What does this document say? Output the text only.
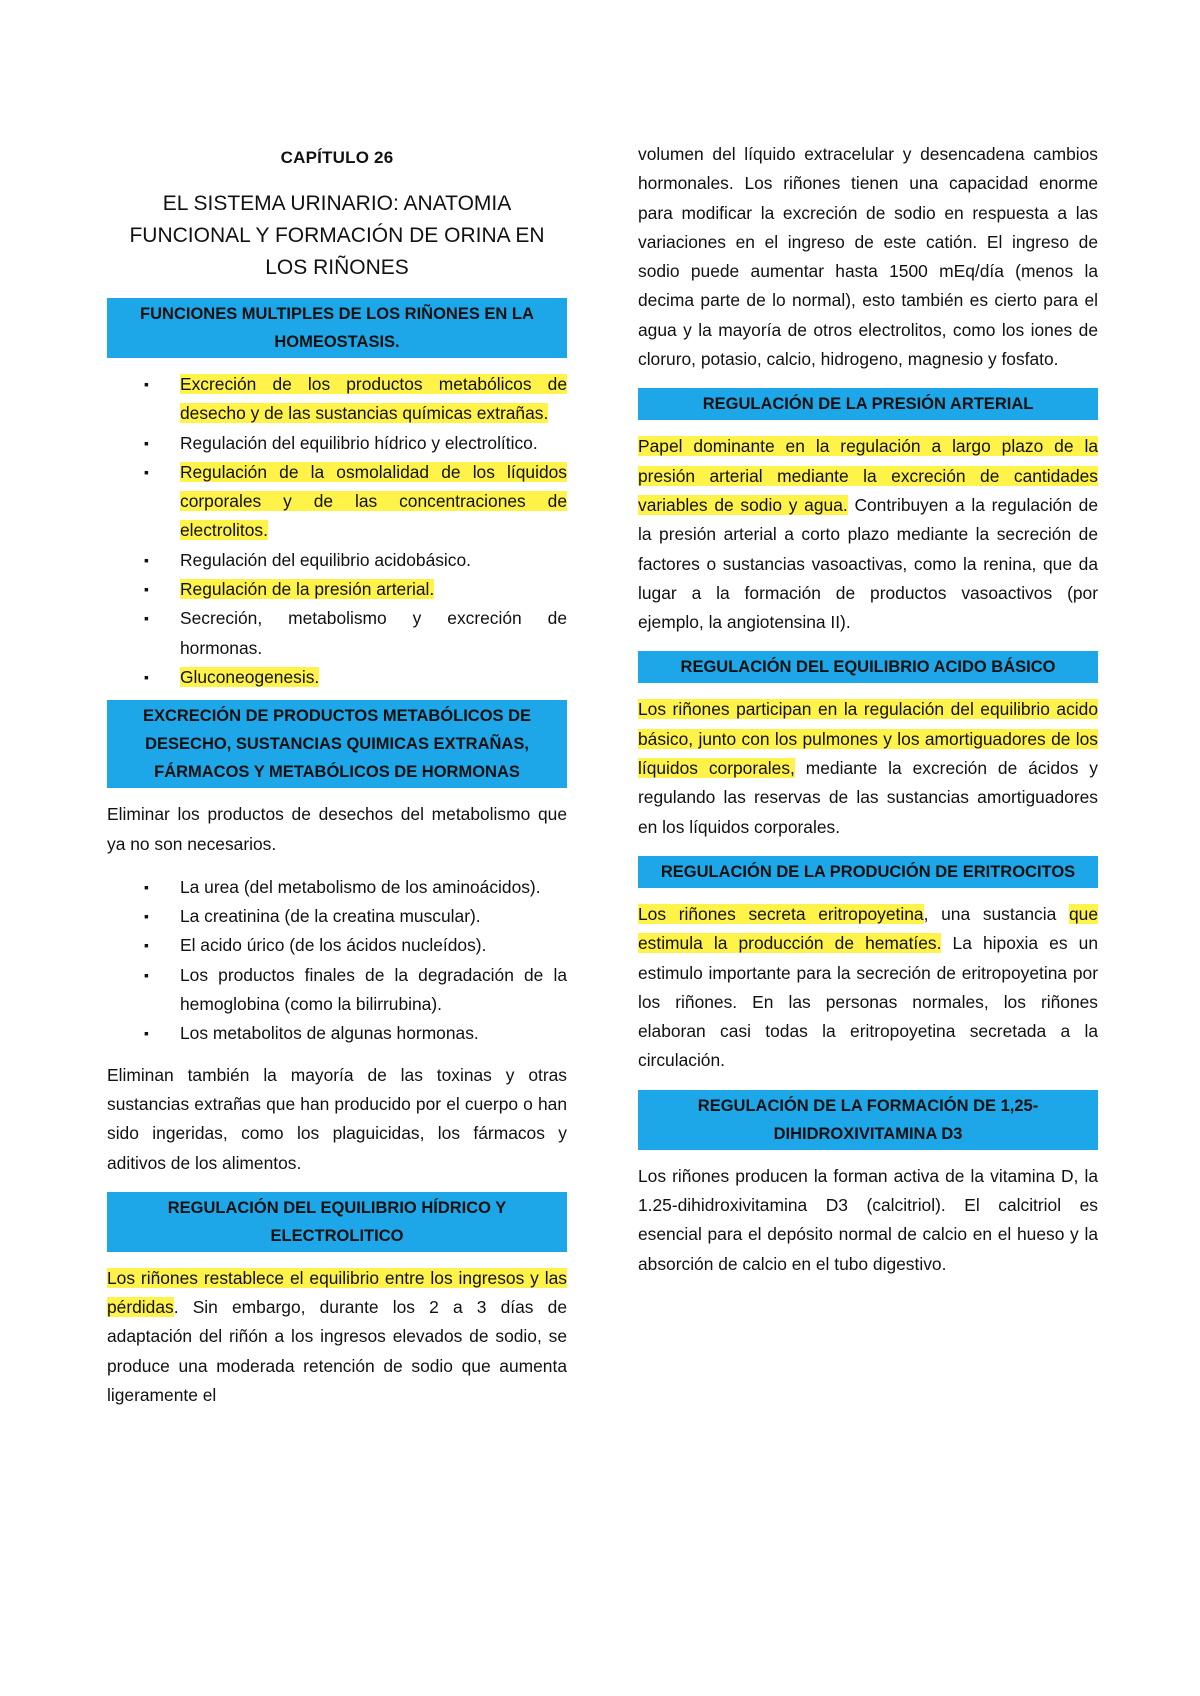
CAPÍTULO 26
EL SISTEMA URINARIO: ANATOMIA FUNCIONAL Y FORMACIÓN DE ORINA EN LOS RIÑONES
FUNCIONES MULTIPLES DE LOS RIÑONES EN LA HOMEOSTASIS.
▪ Excreción de los productos metabólicos de desecho y de las sustancias químicas extrañas.
▪ Regulación del equilibrio hídrico y electrolítico.
▪ Regulación de la osmolalidad de los líquidos corporales y de las concentraciones de electrolitos.
▪ Regulación del equilibrio acidobásico.
▪ Regulación de la presión arterial.
▪ Secreción, metabolismo y excreción de hormonas.
▪ Gluconeogenesis.
EXCRECIÓN DE PRODUCTOS METABÓLICOS DE DESECHO, SUSTANCIAS QUIMICAS EXTRAÑAS, FÁRMACOS Y METABÓLICOS DE HORMONAS

Eliminar los productos de desechos del metabolismo que ya no son necesarios.

▪ La urea (del metabolismo de los aminoácidos).
▪ La creatinina (de la creatina muscular).
▪ El acido úrico (de los ácidos nucleídos).
▪ Los productos finales de la degradación de la hemoglobina (como la bilirrubina).
▪ Los metabolitos de algunas hormonas.

Eliminan también la mayoría de las toxinas y otras sustancias extrañas que han producido por el cuerpo o han sido ingeridas, como los plaguicidas, los fármacos y aditivos de los alimentos.

REGULACIÓN DEL EQUILIBRIO HÍDRICO Y ELECTROLITICO

Los riñones restablece el equilibrio entre los ingresos y las pérdidas. Sin embargo, durante los 2 a 3 días de adaptación del riñón a los ingresos elevados de sodio, se produce una moderada retención de sodio que aumenta ligeramente el

volumen del líquido extracelular y desencadena cambios hormonales. Los riñones tienen una capacidad enorme para modificar la excreción de sodio en respuesta a las variaciones en el ingreso de este catión. El ingreso de sodio puede aumentar hasta 1500 mEq/día (menos la decima parte de lo normal), esto también es cierto para el agua y la mayoría de otros electrolitos, como los iones de cloruro, potasio, calcio, hidrogeno, magnesio y fosfato.

REGULACIÓN DE LA PRESIÓN ARTERIAL

Papel dominante en la regulación a largo plazo de la presión arterial mediante la excreción de cantidades variables de sodio y agua. Contribuyen a la regulación de la presión arterial a corto plazo mediante la secreción de factores o sustancias vasoactivas, como la renina, que da lugar a la formación de productos vasoactivos (por ejemplo, la angiotensina II).

REGULACIÓN DEL EQUILIBRIO ACIDO BÁSICO

Los riñones participan en la regulación del equilibrio acido básico, junto con los pulmones y los amortiguadores de los líquidos corporales, mediante la excreción de ácidos y regulando las reservas de las sustancias amortiguadores en los líquidos corporales.

REGULACIÓN DE LA PRODUCIÓN DE ERITROCITOS

Los riñones secreta eritropoyetina, una sustancia que estimula la producción de hematíes. La hipoxia es un estimulo importante para la secreción de eritropoyetina por los riñones. En las personas normales, los riñones elaboran casi todas la eritropoyetina secretada a la circulación.

REGULACIÓN DE LA FORMACIÓN DE 1,25-DIHIDROXIVITAMINA D3

Los riñones producen la forman activa de la vitamina D, la 1.25-dihidroxivitamina D3 (calcitriol). El calcitriol es esencial para el depósito normal de calcio en el hueso y la absorción de calcio en el tubo digestivo.
